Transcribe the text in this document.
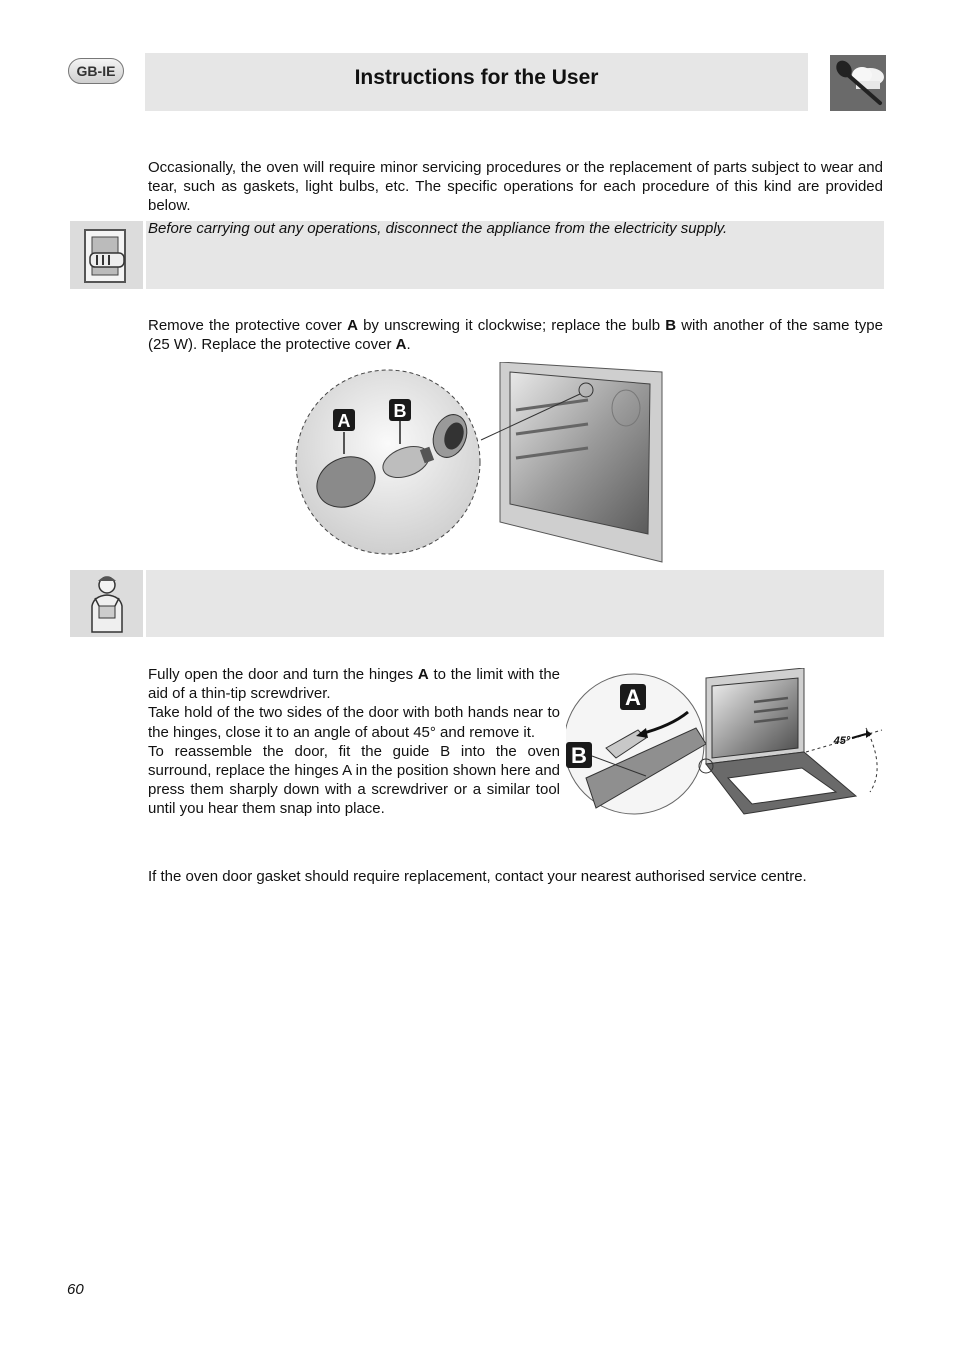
GB-IE	Instructions for the User

Occasionally, the oven will require minor servicing procedures or the replacement of parts subject to wear and tear, such as gaskets, light bulbs, etc. The specific operations for each procedure of this kind are provided below.

Before carrying out any operations, disconnect the appliance from the electricity supply.

Remove the protective cover A by unscrewing it clockwise; replace the bulb B with another of the same type (25 W). Replace the protective cover A.

A B

Fully open the door and turn the hinges A to the limit with the aid of a thin-tip screwdriver.

Take hold of the two sides of the door with both hands near to the hinges, close it to an angle of about 45° and remove it.

To reassemble the door, fit the guide B into the oven surround, replace the hinges A in the position shown here and press them sharply down with a screwdriver or a similar tool until you hear them snap into place.

A
B
45°

If the oven door gasket should require replacement, contact your nearest authorised service centre.

60
